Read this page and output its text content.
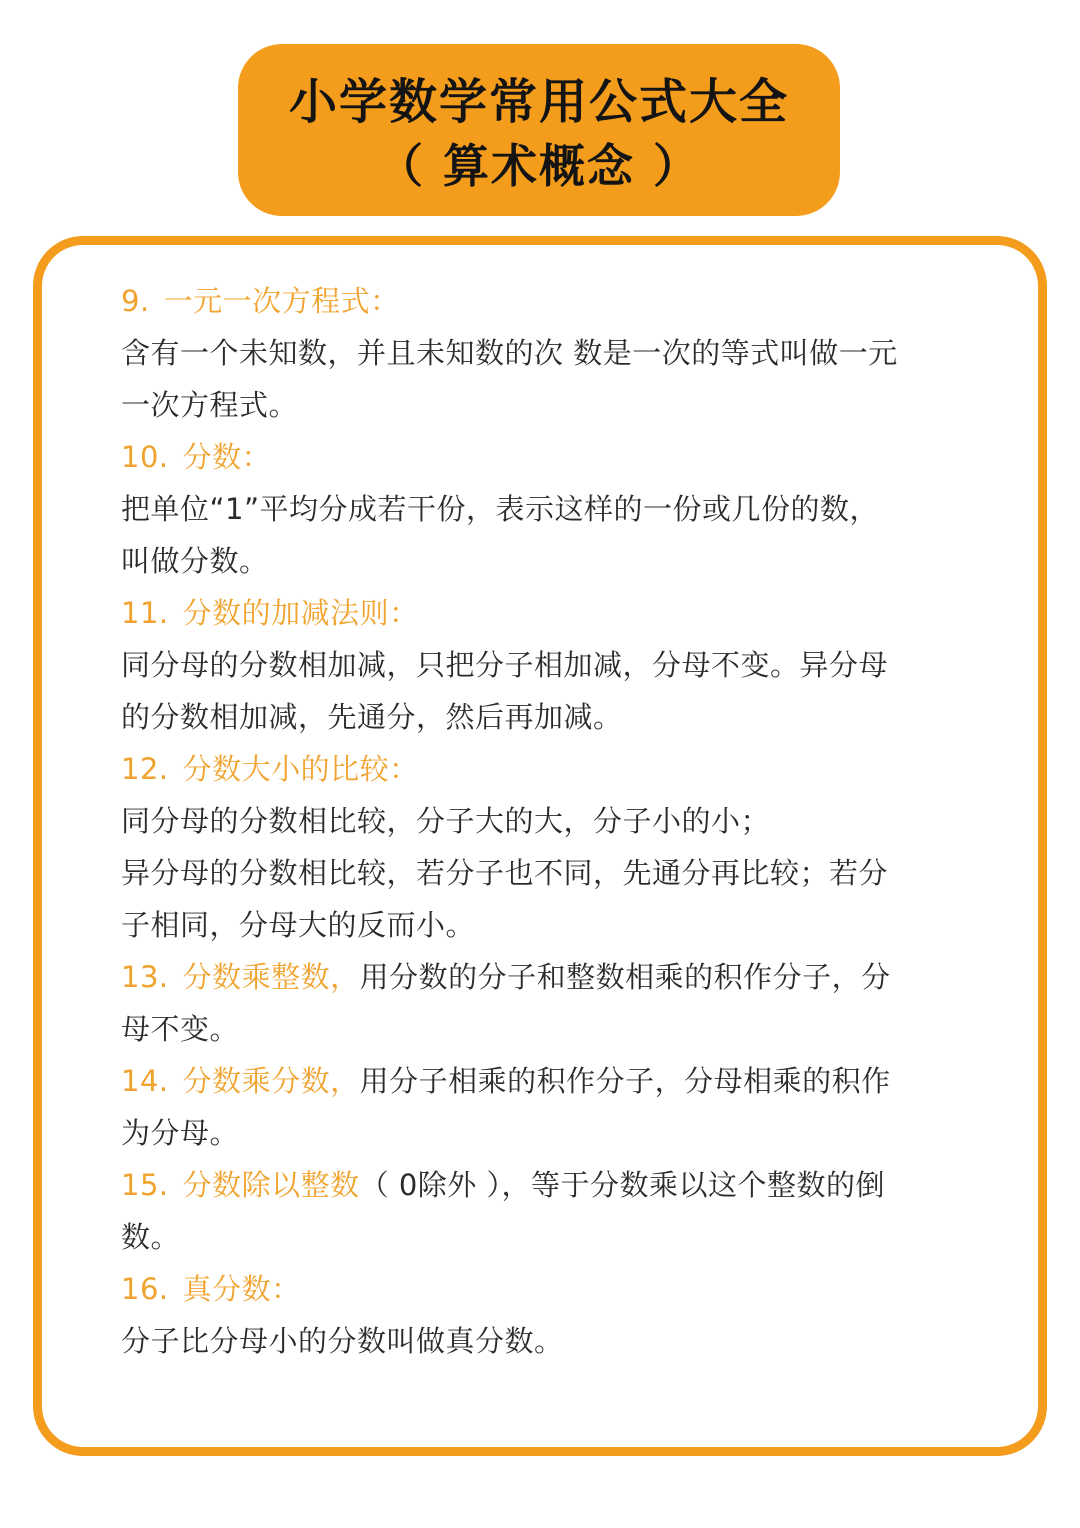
小学数学常用公式大全
（ 算术概念 ）
9. 一元一次方程式：
含有一个未知数，并且未知数的次 数是一次的等式叫做一元
一次方程式。
10. 分数：
把单位“1”平均分成若干份，表示这样的一份或几份的数，
叫做分数。
11. 分数的加减法则：
同分母的分数相加减，只把分子相加减，分母不变。异分母
的分数相加减，先通分，然后再加减。
12. 分数大小的比较：
同分母的分数相比较，分子大的大，分子小的小；
异分母的分数相比较，若分子也不同，先通分再比较；若分
子相同，分母大的反而小。
13. 分数乘整数，用分数的分子和整数相乘的积作分子，分
母不变。
14. 分数乘分数，用分子相乘的积作分子，分母相乘的积作
为分母。
15. 分数除以整数（ 0除外 ），等于分数乘以这个整数的倒
数。
16. 真分数：
分子比分母小的分数叫做真分数。
